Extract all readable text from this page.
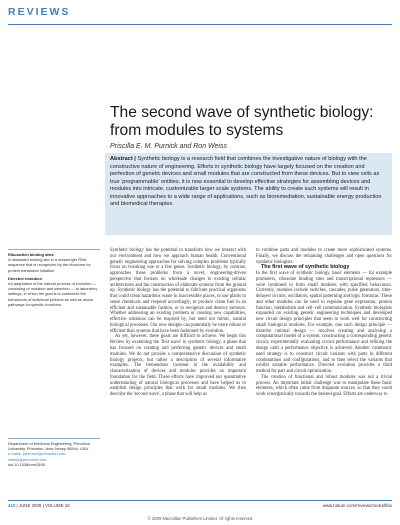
REVIEWS
The second wave of synthetic biology:
from modules to systems
Priscilla E. M. Purnick and Ron Weiss

Abstract | Synthetic biology is a research field that combines the investigative nature of biology with the constructive nature of engineering. Efforts in synthetic biology have largely focused on the creation and perfection of genetic devices and small modules that are constructed from these devices. But to view cells as true 'programmable' entities, it is now essential to develop effective strategies for assembling devices and modules into intricate, customizable larger scale systems. The ability to create such systems will result in innovative approaches to a wide range of applications, such as bioremediation, sustainable energy production and biomedical therapies.

Riboswitch binding sites

A riboswitch binding site in a messenger RNA sequence that is recognized by the ribosome for protein translation initiation.

Directed evolution

An adaptation of the natural process of evolution — consisting of mutation and selection — to laboratory settings, in which the goal is to customize the behaviours of individual proteins as well as whole pathways for specific functions.

Department of Electrical Engineering, Princeton University, Princeton, New Jersey 08544, USA.
e-mails: ppurnick@princeton.edu; rweiss@princeton.edu
doi:10.1038/nrm2698

Synthetic biology has the potential to transform how we interact with our environment and how we approach human health. Conventional genetic engineering approaches for solving complex problems typically focus on tweaking one or a few genes. Synthetic biology, by contrast, approaches these problems from a novel, engineering-driven perspective that focuses on wholesale changes to existing cellular architectures and the construction of elaborate systems from the ground up. Synthetic biology has the potential to fabricate practical organisms that could clean hazardous waste in inaccessible places, to use plants to sense chemicals and respond accordingly, to produce clean fuel in an efficient and sustainable fashion, or to recognize and destroy tumours. Whether addressing an existing problem or creating new capabilities, effective solutions can be inspired by, but need not mimic, natural biological processes. Our new designs can potentially be more robust or efficient than systems that have been fashioned by evolution.

As yet, however, these goals are difficult to achieve. We begin this Review by examining the 'first wave' in synthetic biology, a phase that has focused on creating and perfecting genetic devices and small modules. We do not provide a comprehensive discussion of synthetic biology projects, but rather a description of several informative examples. The tremendous increase in the availability and characterization of devices and modules provides an important foundation for the field. These efforts have improved our quantitative understanding of natural biological processes and have helped us to establish design principles that work for small modules. We then describe the 'second wave', a phase that will help us

to combine parts and modules to create more sophisticated systems. Finally, we discuss the remaining challenges and open questions for synthetic biologists.

The first wave of synthetic biology

In the first wave of synthetic biology, basic elements — for example promoters, ribosome binding sites and transcriptional repressors — were combined to form small modules with specified behaviours. Currently, modules include switches, cascades, pulse generators, time-delayed circuits, oscillators, spatial patterning and logic formulas. These and other modules can be used to regulate gene expression, protein function, metabolism and cell–cell communication. Synthetic biologists expanded on existing genetic engineering techniques and developed new circuit design principles that seem to work well for constructing small biological modules. For example, one such design principle — iterative rational design — involves creating and analysing a computational model of a system, constructing a corresponding genetic circuit, experimentally evaluating circuit performance and refining the design until a performance objective is achieved. Another commonly used strategy is to construct circuit variants with parts in different combinations and configurations, and to then select the variants that exhibit suitable performance. Directed evolution provides a third method for part and circuit optimization.

The creation of functional and robust modules was not a trivial process. An important initial challenge was to manipulate these basic elements, which often came from disparate sources, so that they could work synergistically towards the desired goal. Efforts are underway to

410 | JUNE 2009 | VOLUME 10	www.nature.com/reviews/molcellbio
© 2009 Macmillan Publishers Limited. All rights reserved
